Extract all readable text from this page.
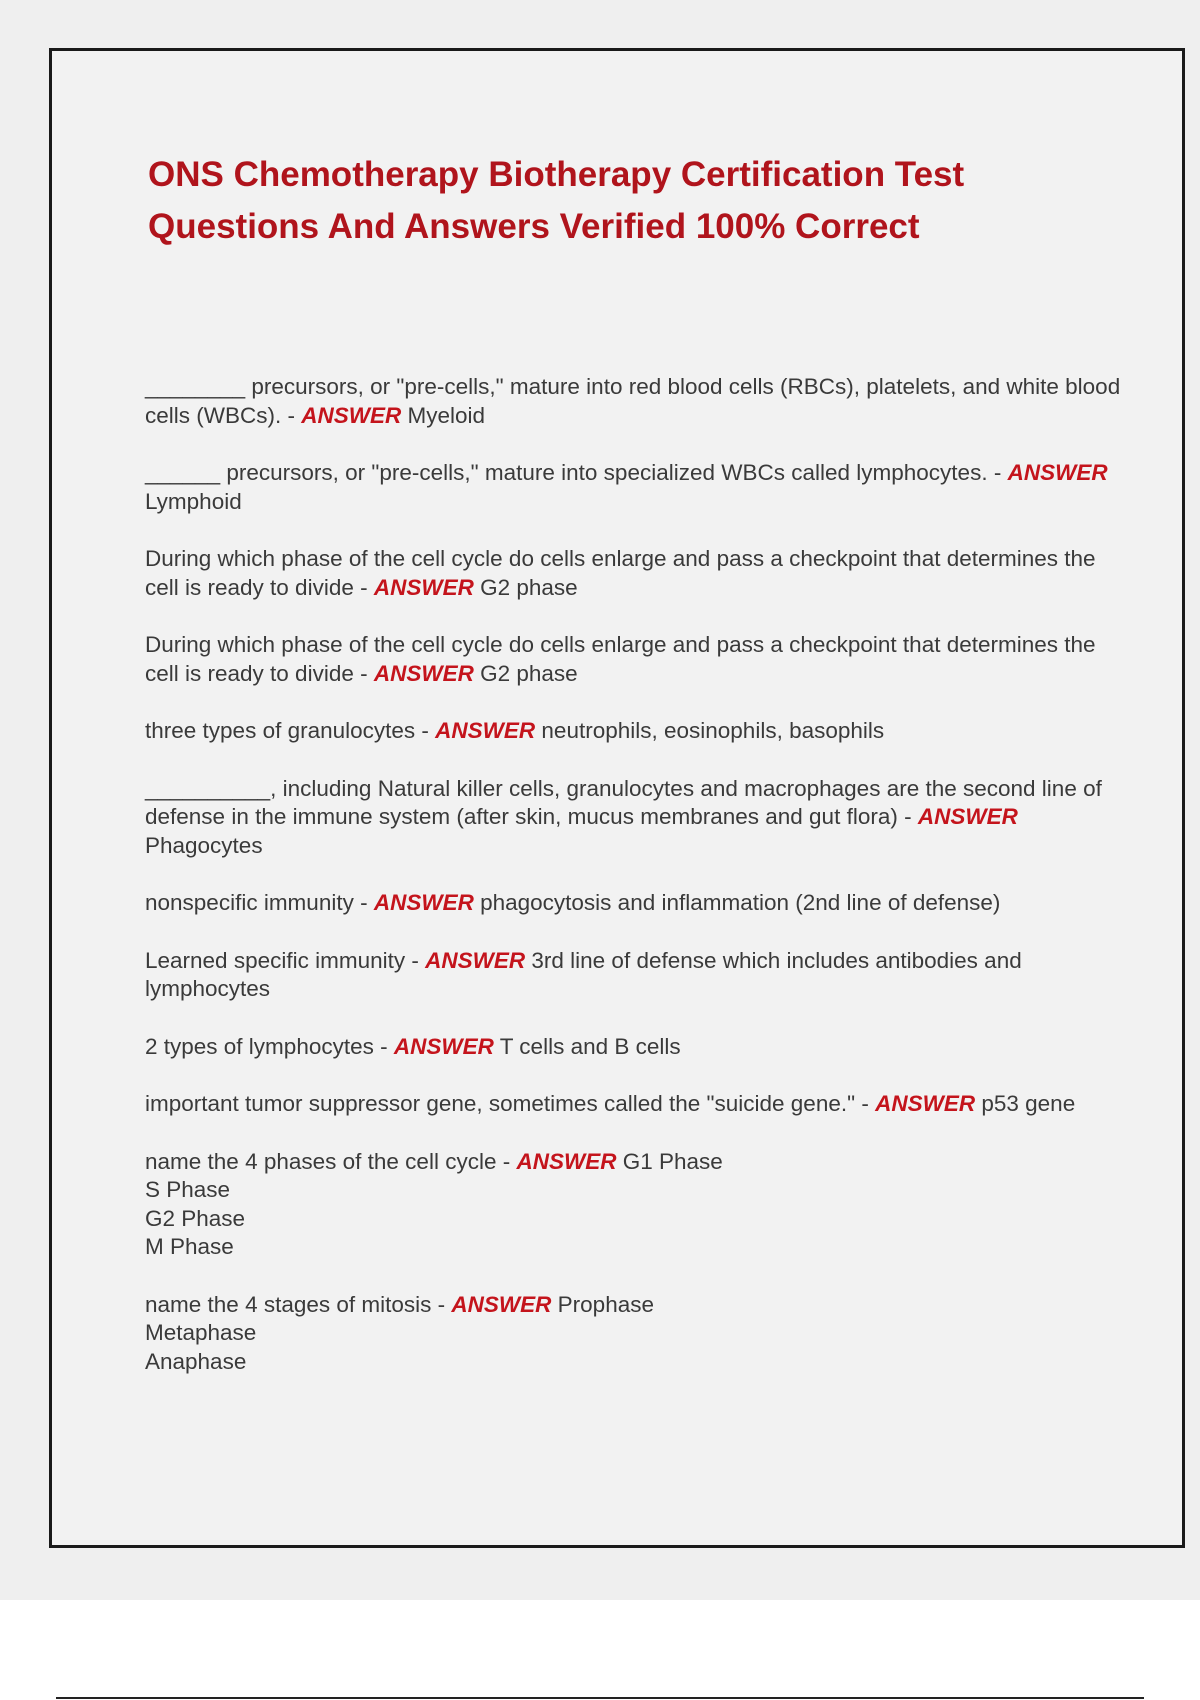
ONS Chemotherapy Biotherapy Certification Test Questions And Answers Verified 100% Correct

________ precursors, or "pre-cells," mature into red blood cells (RBCs), platelets, and white blood cells (WBCs). - ANSWER Myeloid

______ precursors, or "pre-cells," mature into specialized WBCs called lymphocytes. - ANSWER Lymphoid

During which phase of the cell cycle do cells enlarge and pass a checkpoint that determines the cell is ready to divide - ANSWER G2 phase

During which phase of the cell cycle do cells enlarge and pass a checkpoint that determines the cell is ready to divide - ANSWER G2 phase

three types of granulocytes - ANSWER neutrophils, eosinophils, basophils

__________, including Natural killer cells, granulocytes and macrophages are the second line of defense in the immune system (after skin, mucus membranes and gut flora) - ANSWER Phagocytes

nonspecific immunity - ANSWER phagocytosis and inflammation (2nd line of defense)

Learned specific immunity - ANSWER 3rd line of defense which includes antibodies and lymphocytes

2 types of lymphocytes - ANSWER T cells and B cells

important tumor suppressor gene, sometimes called the "suicide gene." - ANSWER p53 gene

name the 4 phases of the cell cycle - ANSWER G1 Phase
S Phase
G2 Phase
M Phase

name the 4 stages of mitosis - ANSWER Prophase
Metaphase
Anaphase
